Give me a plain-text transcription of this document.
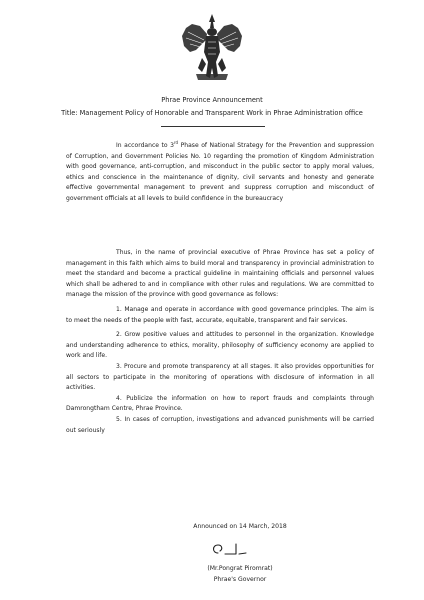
Phrae Province Announcement
Title: Management Policy of Honorable and Transparent Work in Phrae Administration office
In accordance to 3rd Phase of National Strategy for the Prevention and suppression of Corruption, and Government Policies No. 10 regarding the promotion of Kingdom Administration with good governance, anti-corruption, and misconduct in the public sector to apply moral values, ethics and conscience in the maintenance of dignity, civil servants and honesty and generate effective governmental management to prevent and suppress corruption and misconduct of government officials at all levels to build confidence in the bureaucracy
Thus, in the name of provincial executive of Phrae Province has set a policy of management in this faith which aims to build moral and transparency in provincial administration to meet the standard and become a practical guideline in maintaining officials and personnel values which shall be adhered to and in compliance with other rules and regulations. We are committed to manage the mission of the province with good governance as follows:
1. Manage and operate in accordance with good governance principles. The aim is to meet the needs of the people with fast, accurate, equitable, transparent and fair services.
2. Grow positive values and attitudes to personnel in the organization. Knowledge and understanding adherence to ethics, morality, philosophy of sufficiency economy are applied to work and life.
3. Procure and promote transparency at all stages. It also provides opportunities for all sectors to participate in the monitoring of operations with disclosure of information in all activities.
4. Publicize the information on how to report frauds and complaints through Damrongtham Centre, Phrae Province.
5. In cases of corruption, investigations and advanced punishments will be carried out seriously
Announced on 14 March, 2018
(Mr.Pongrat Piromrat)
Phrae's Governor
